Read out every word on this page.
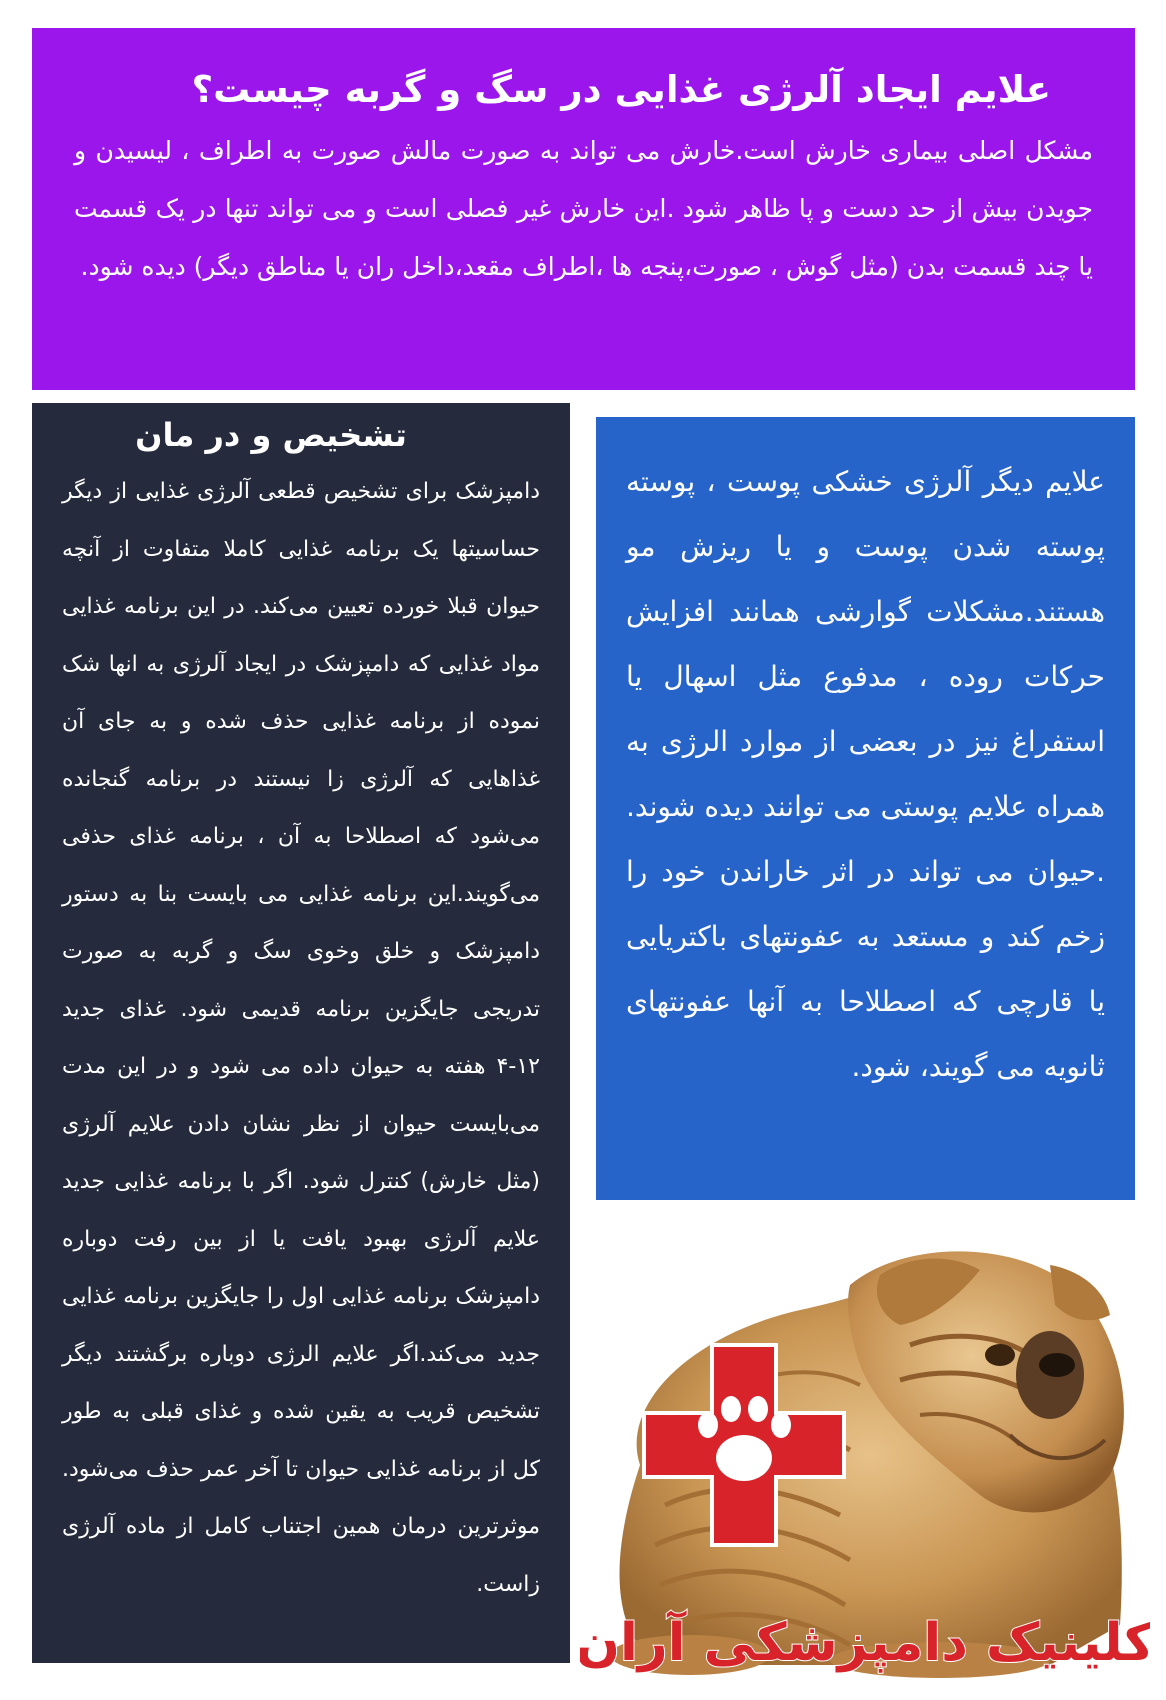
علایم ایجاد آلرژی غذایی در سگ و گربه چیست؟

مشکل اصلی بیماری خارش است.خارش می تواند به صورت مالش صورت به اطراف ، لیسیدن و جویدن بیش از حد دست و پا ظاهر شود .این خارش غیر فصلی است و می تواند تنها در یک قسمت یا چند قسمت بدن (مثل گوش ، صورت،پنجه ها ،اطراف مقعد،داخل ران یا مناطق دیگر) دیده شود.

تشخیص و در مان

دامپزشک برای تشخیص قطعی آلرژی غذایی از دیگر حساسیتها یک برنامه غذایی کاملا متفاوت از آنچه حیوان قبلا خورده تعیین می‌کند. در این برنامه غذایی مواد غذایی که دامپزشک در ایجاد آلرژی به انها شک نموده از برنامه غذایی حذف شده و به جای آن غذاهایی که آلرژی زا نیستند در برنامه گنجانده می‌شود که اصطلاحا به آن ، برنامه غذای حذفی می‌گویند.این برنامه غذایی می بایست بنا به دستور دامپزشک و خلق وخوی سگ و گربه به صورت تدریجی جایگزین برنامه قدیمی شود. غذای جدید ۱۲-۴ هفته به حیوان داده می شود و در این مدت می‌بایست حیوان از نظر نشان دادن علایم آلرژی (مثل خارش) کنترل شود. اگر با برنامه غذایی جدید علایم آلرژی بهبود یافت یا از بین رفت دوباره دامپزشک برنامه غذایی اول را جایگزین برنامه غذایی جدید می‌کند.اگر علایم الرژی دوباره برگشتند دیگر تشخیص قریب به یقین شده و غذای قبلی به طور کل از برنامه غذایی حیوان تا آخر عمر حذف می‌شود. موثرترین درمان همین اجتناب کامل از ماده آلرژی زاست.

علایم دیگر آلرژی خشکی پوست ، پوسته پوسته شدن پوست و یا ریزش مو هستند.مشکلات گوارشی همانند افزایش حرکات روده ، مدفوع مثل اسهال یا استفراغ نیز در بعضی از موارد الرژی به همراه علایم پوستی می توانند دیده شوند. .حیوان می تواند در اثر خاراندن خود را زخم کند و مستعد به عفونتهای باکتریایی یا قارچی که اصطلاحا به آنها عفونتهای ثانویه می گویند، شود.

کلینیک دامپزشکی آران
